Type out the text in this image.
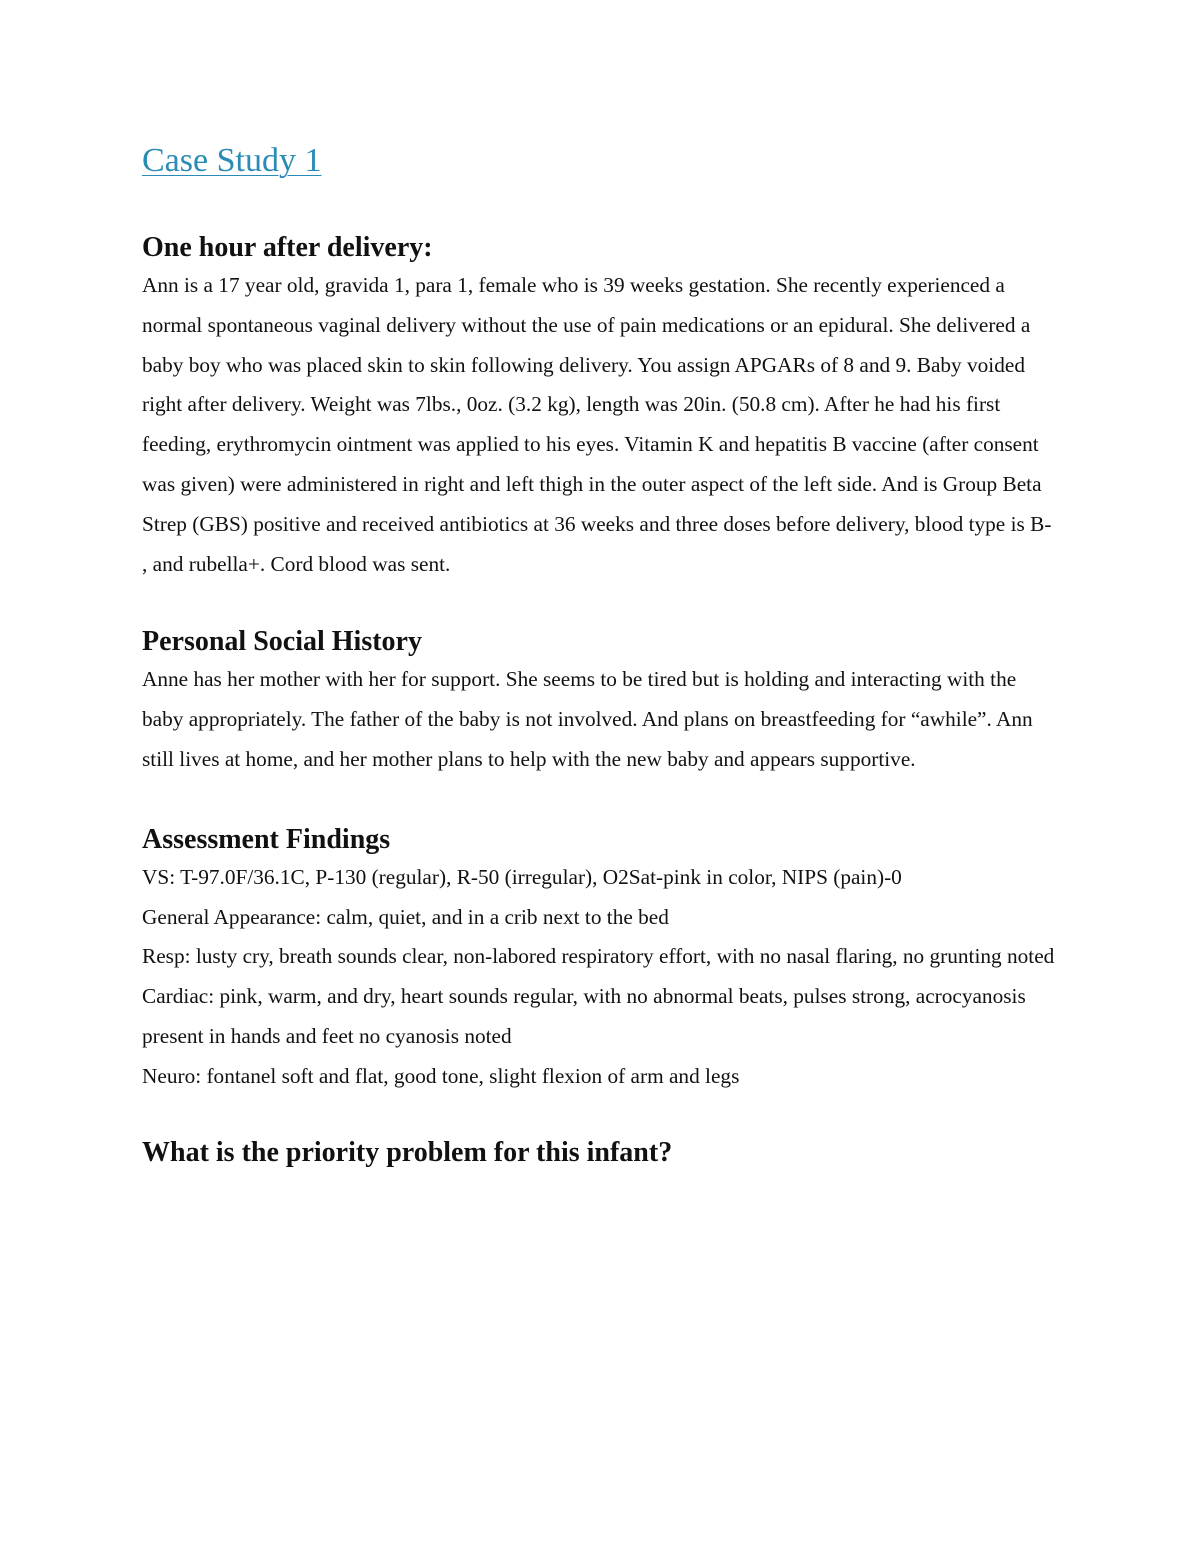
Case Study 1
One hour after delivery:

Ann is a 17 year old, gravida 1, para 1, female who is 39 weeks gestation. She recently experienced a normal spontaneous vaginal delivery without the use of pain medications or an epidural. She delivered a baby boy who was placed skin to skin following delivery. You assign APGARs of 8 and 9. Baby voided right after delivery. Weight was 7lbs., 0oz. (3.2 kg), length was 20in. (50.8 cm). After he had his first feeding, erythromycin ointment was applied to his eyes. Vitamin K and hepatitis B vaccine (after consent was given) were administered in right and left thigh in the outer aspect of the left side. And is Group Beta Strep (GBS) positive and received antibiotics at 36 weeks and three doses before delivery, blood type is B- , and rubella+. Cord blood was sent.

Personal Social History

Anne has her mother with her for support. She seems to be tired but is holding and interacting with the baby appropriately. The father of the baby is not involved. And plans on breastfeeding for “awhile”. Ann still lives at home, and her mother plans to help with the new baby and appears supportive.

Assessment Findings

VS: T-97.0F/36.1C, P-130 (regular), R-50 (irregular), O2Sat-pink in color, NIPS (pain)-0

General Appearance: calm, quiet, and in a crib next to the bed

Resp: lusty cry, breath sounds clear, non-labored respiratory effort, with no nasal flaring, no grunting noted

Cardiac: pink, warm, and dry, heart sounds regular, with no abnormal beats, pulses strong, acrocyanosis present in hands and feet no cyanosis noted

Neuro: fontanel soft and flat, good tone, slight flexion of arm and legs

What is the priority problem for this infant?
